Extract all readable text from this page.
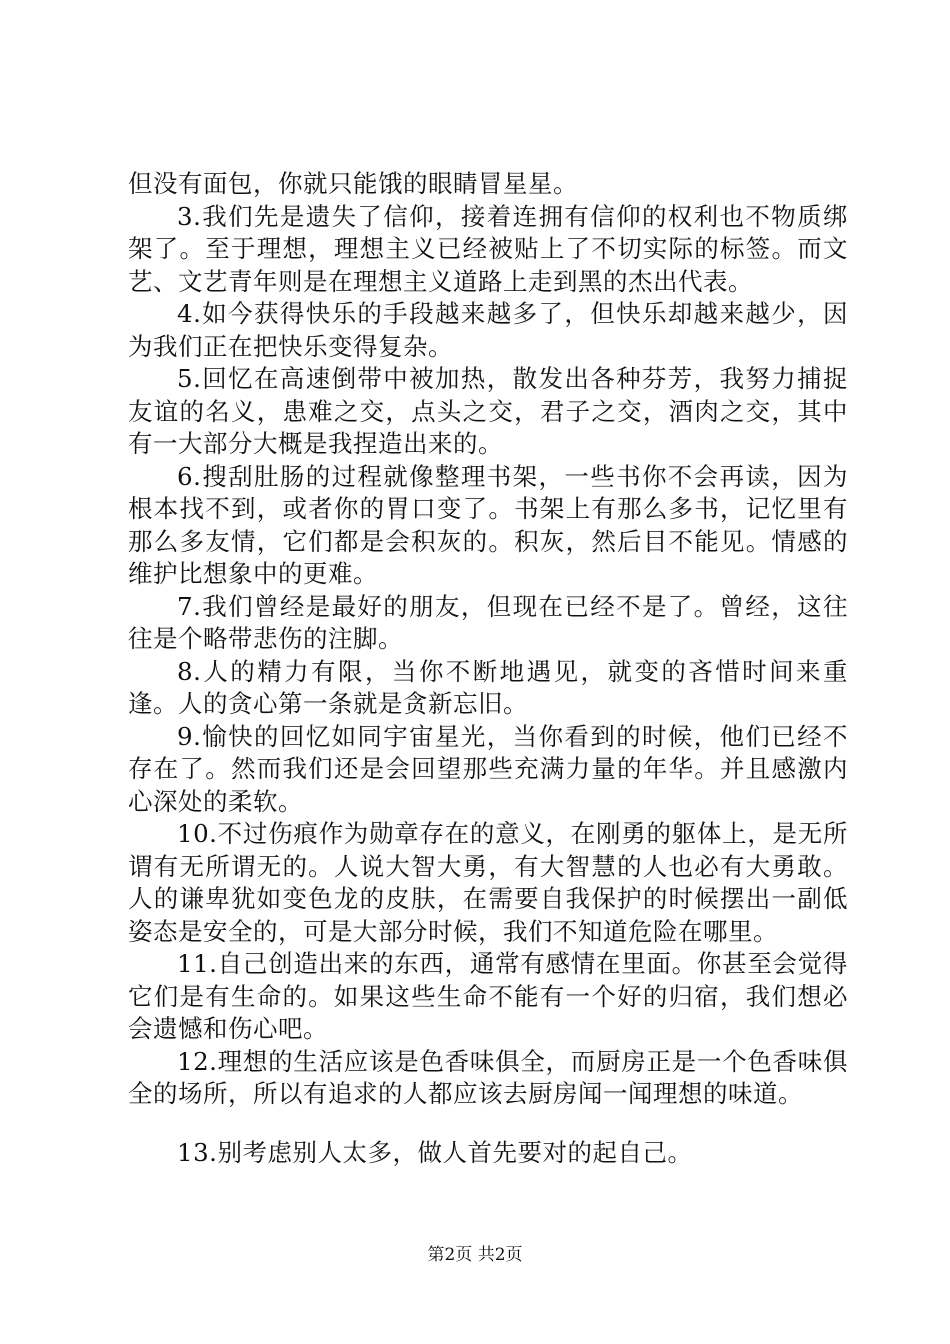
但没有面包，你就只能饿的眼睛冒星星。

3.我们先是遗失了信仰，接着连拥有信仰的权利也不物质绑架了。至于理想，理想主义已经被贴上了不切实际的标签。而文艺、文艺青年则是在理想主义道路上走到黑的杰出代表。

4.如今获得快乐的手段越来越多了，但快乐却越来越少，因为我们正在把快乐变得复杂。

5.回忆在高速倒带中被加热，散发出各种芬芳，我努力捕捉友谊的名义，患难之交，点头之交，君子之交，酒肉之交，其中有一大部分大概是我捏造出来的。

6.搜刮肚肠的过程就像整理书架，一些书你不会再读，因为根本找不到，或者你的胃口变了。书架上有那么多书，记忆里有那么多友情，它们都是会积灰的。积灰，然后目不能见。情感的维护比想象中的更难。

7.我们曾经是最好的朋友，但现在已经不是了。曾经，这往往是个略带悲伤的注脚。

8.人的精力有限，当你不断地遇见，就变的吝惜时间来重逢。人的贪心第一条就是贪新忘旧。

9.愉快的回忆如同宇宙星光，当你看到的时候，他们已经不存在了。然而我们还是会回望那些充满力量的年华。并且感激内心深处的柔软。

10.不过伤痕作为勋章存在的意义，在刚勇的躯体上，是无所谓有无所谓无的。人说大智大勇，有大智慧的人也必有大勇敢。人的谦卑犹如变色龙的皮肤，在需要自我保护的时候摆出一副低姿态是安全的，可是大部分时候，我们不知道危险在哪里。

11.自己创造出来的东西，通常有感情在里面。你甚至会觉得它们是有生命的。如果这些生命不能有一个好的归宿，我们想必会遗憾和伤心吧。

12.理想的生活应该是色香味俱全，而厨房正是一个色香味俱全的场所，所以有追求的人都应该去厨房闻一闻理想的味道。

13.别考虑别人太多，做人首先要对的起自己。

第2页 共2页
